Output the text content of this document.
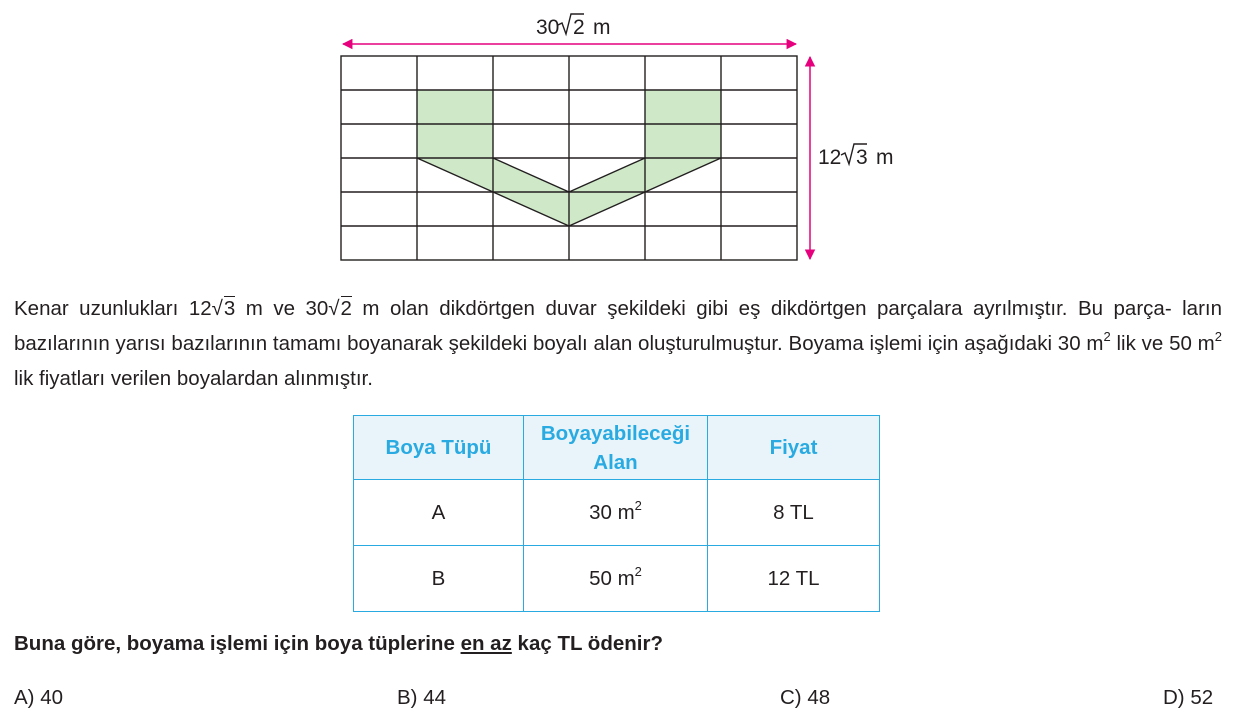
30 2 m
12 3 m

Kenar uzunlukları 12√3 m ve 30√2 m olan dikdörtgen duvar şekildeki gibi eş dikdörtgen parçalara ayrılmıştır. Bu parça- ların bazılarının yarısı bazılarının tamamı boyanarak şekildeki boyalı alan oluşturulmuştur. Boyama işlemi için aşağıdaki 30 $m^2$ lik ve 50 $m^2$ lik fiyatları verilen boyalardan alınmıştır.

Boya Tüpü	Boyayabileceği Alan	Fiyat
A	30 $m^2$	8 TL
B	50 $m^2$	12 TL

Buna göre, boyama işlemi için boya tüplerine en az kaç TL ödenir?

A) 40	B) 44	C) 48	D) 52
